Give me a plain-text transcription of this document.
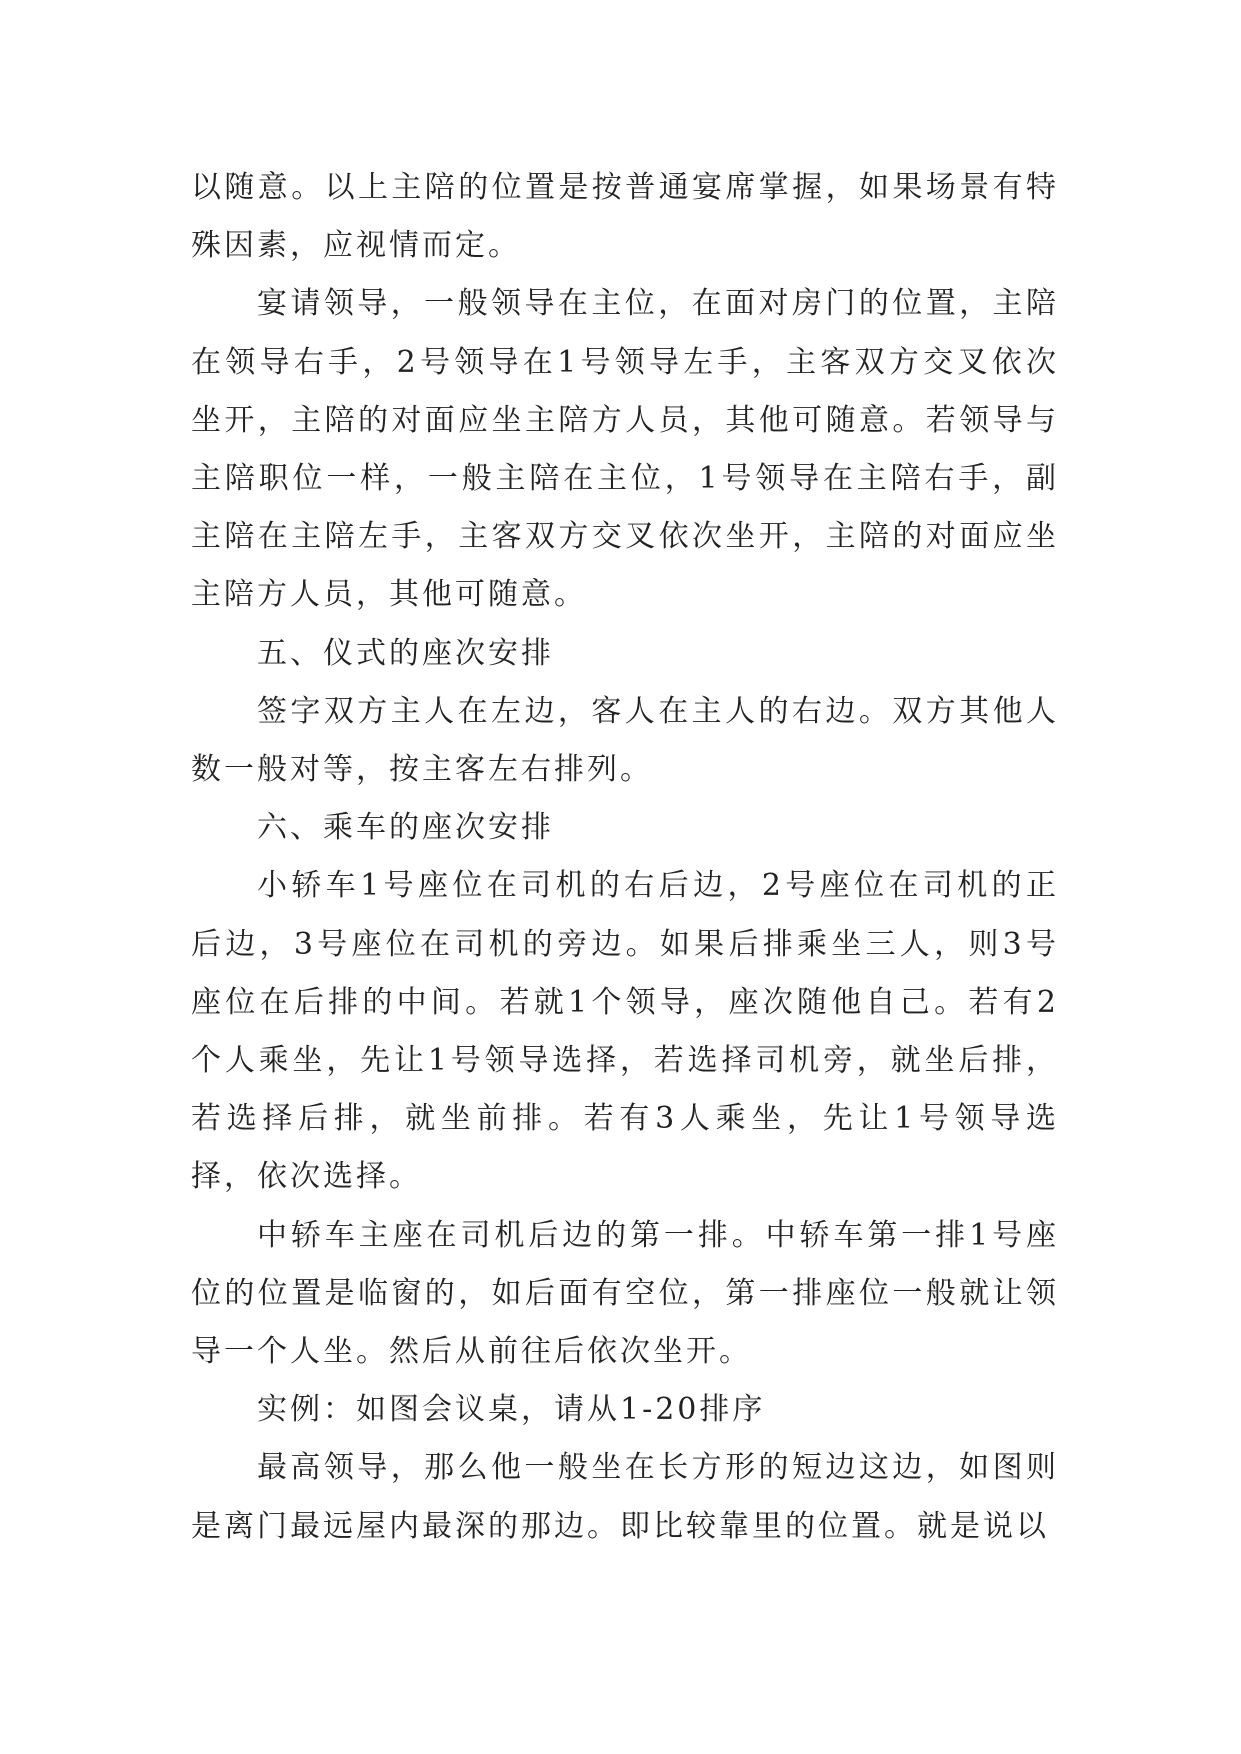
以随意。以上主陪的位置是按普通宴席掌握，如果场景有特殊因素，应视情而定。

宴请领导，一般领导在主位，在面对房门的位置，主陪在领导右手，2号领导在1号领导左手，主客双方交叉依次坐开，主陪的对面应坐主陪方人员，其他可随意。若领导与主陪职位一样，一般主陪在主位，1号领导在主陪右手，副主陪在主陪左手，主客双方交叉依次坐开，主陪的对面应坐主陪方人员，其他可随意。

五、仪式的座次安排

签字双方主人在左边，客人在主人的右边。双方其他人数一般对等，按主客左右排列。

六、乘车的座次安排

小轿车1号座位在司机的右后边，2号座位在司机的正后边，3号座位在司机的旁边。如果后排乘坐三人，则3号座位在后排的中间。若就1个领导，座次随他自己。若有2个人乘坐，先让1号领导选择，若选择司机旁，就坐后排，若选择后排，就坐前排。若有3人乘坐，先让1号领导选择，依次选择。

中轿车主座在司机后边的第一排。中轿车第一排1号座位的位置是临窗的，如后面有空位，第一排座位一般就让领导一个人坐。然后从前往后依次坐开。

实例：如图会议桌，请从1-20排序

最高领导，那么他一般坐在长方形的短边这边，如图则是离门最远屋内最深的那边。即比较靠里的位置。就是说以
